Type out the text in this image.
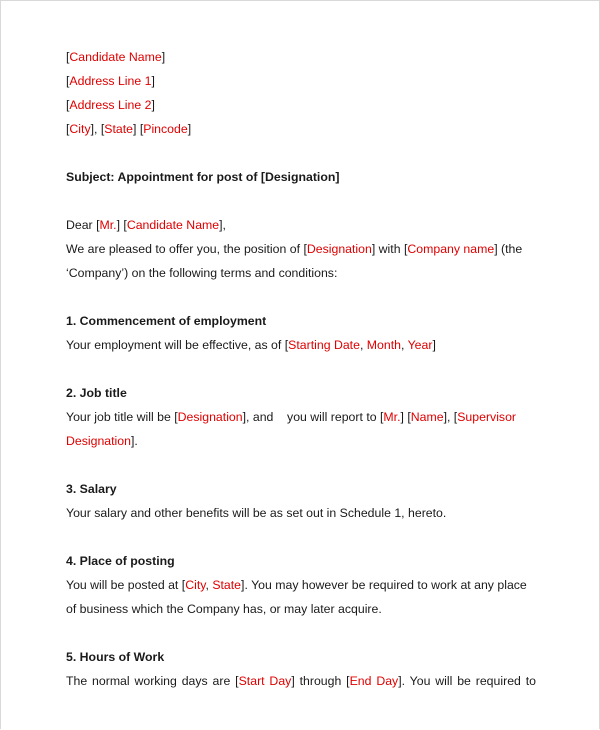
[Candidate Name]
[Address Line 1]
[Address Line 2]
[City], [State] [Pincode]
Subject: Appointment for post of [Designation]
Dear [Mr.] [Candidate Name],
We are pleased to offer you, the position of [Designation] with [Company name] (the
‘Company’) on the following terms and conditions:
1. Commencement of employment
Your employment will be effective, as of [Starting Date, Month, Year]
2. Job title
Your job title will be [Designation], and    you will report to [Mr.] [Name], [Supervisor
Designation].
3. Salary
Your salary and other benefits will be as set out in Schedule 1, hereto.
4. Place of posting
You will be posted at [City, State]. You may however be required to work at any place
of business which the Company has, or may later acquire.
5. Hours of Work
The normal working days are [Start Day] through [End Day]. You will be required to
